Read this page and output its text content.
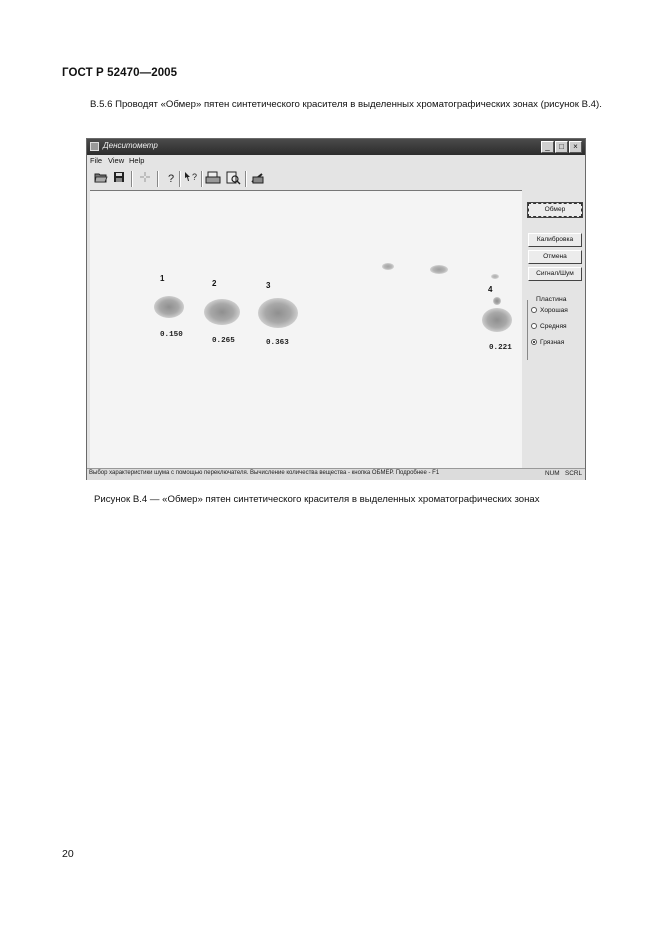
ГОСТ Р 52470—2005
В.5.6 Проводят «Обмер» пятен синтетического красителя в выделенных хроматографических зонах (рисунок В.4).
Денситометр	_	□	×
File View Help
?	?
1
0.150
2
0.265
3
0.363
4
0.221
Обмер
Калибровка
Отмена
Сигнал/Шум
Пластина
Хорошая
Средняя
Грязная
Выбор характеристики шума с помощью переключателя. Вычисление количества вещества - кнопка ОБМЕР. Подробнее - F1	NUM SCRL
Рисунок В.4 — «Обмер» пятен синтетического красителя в выделенных хроматографических зонах
20
